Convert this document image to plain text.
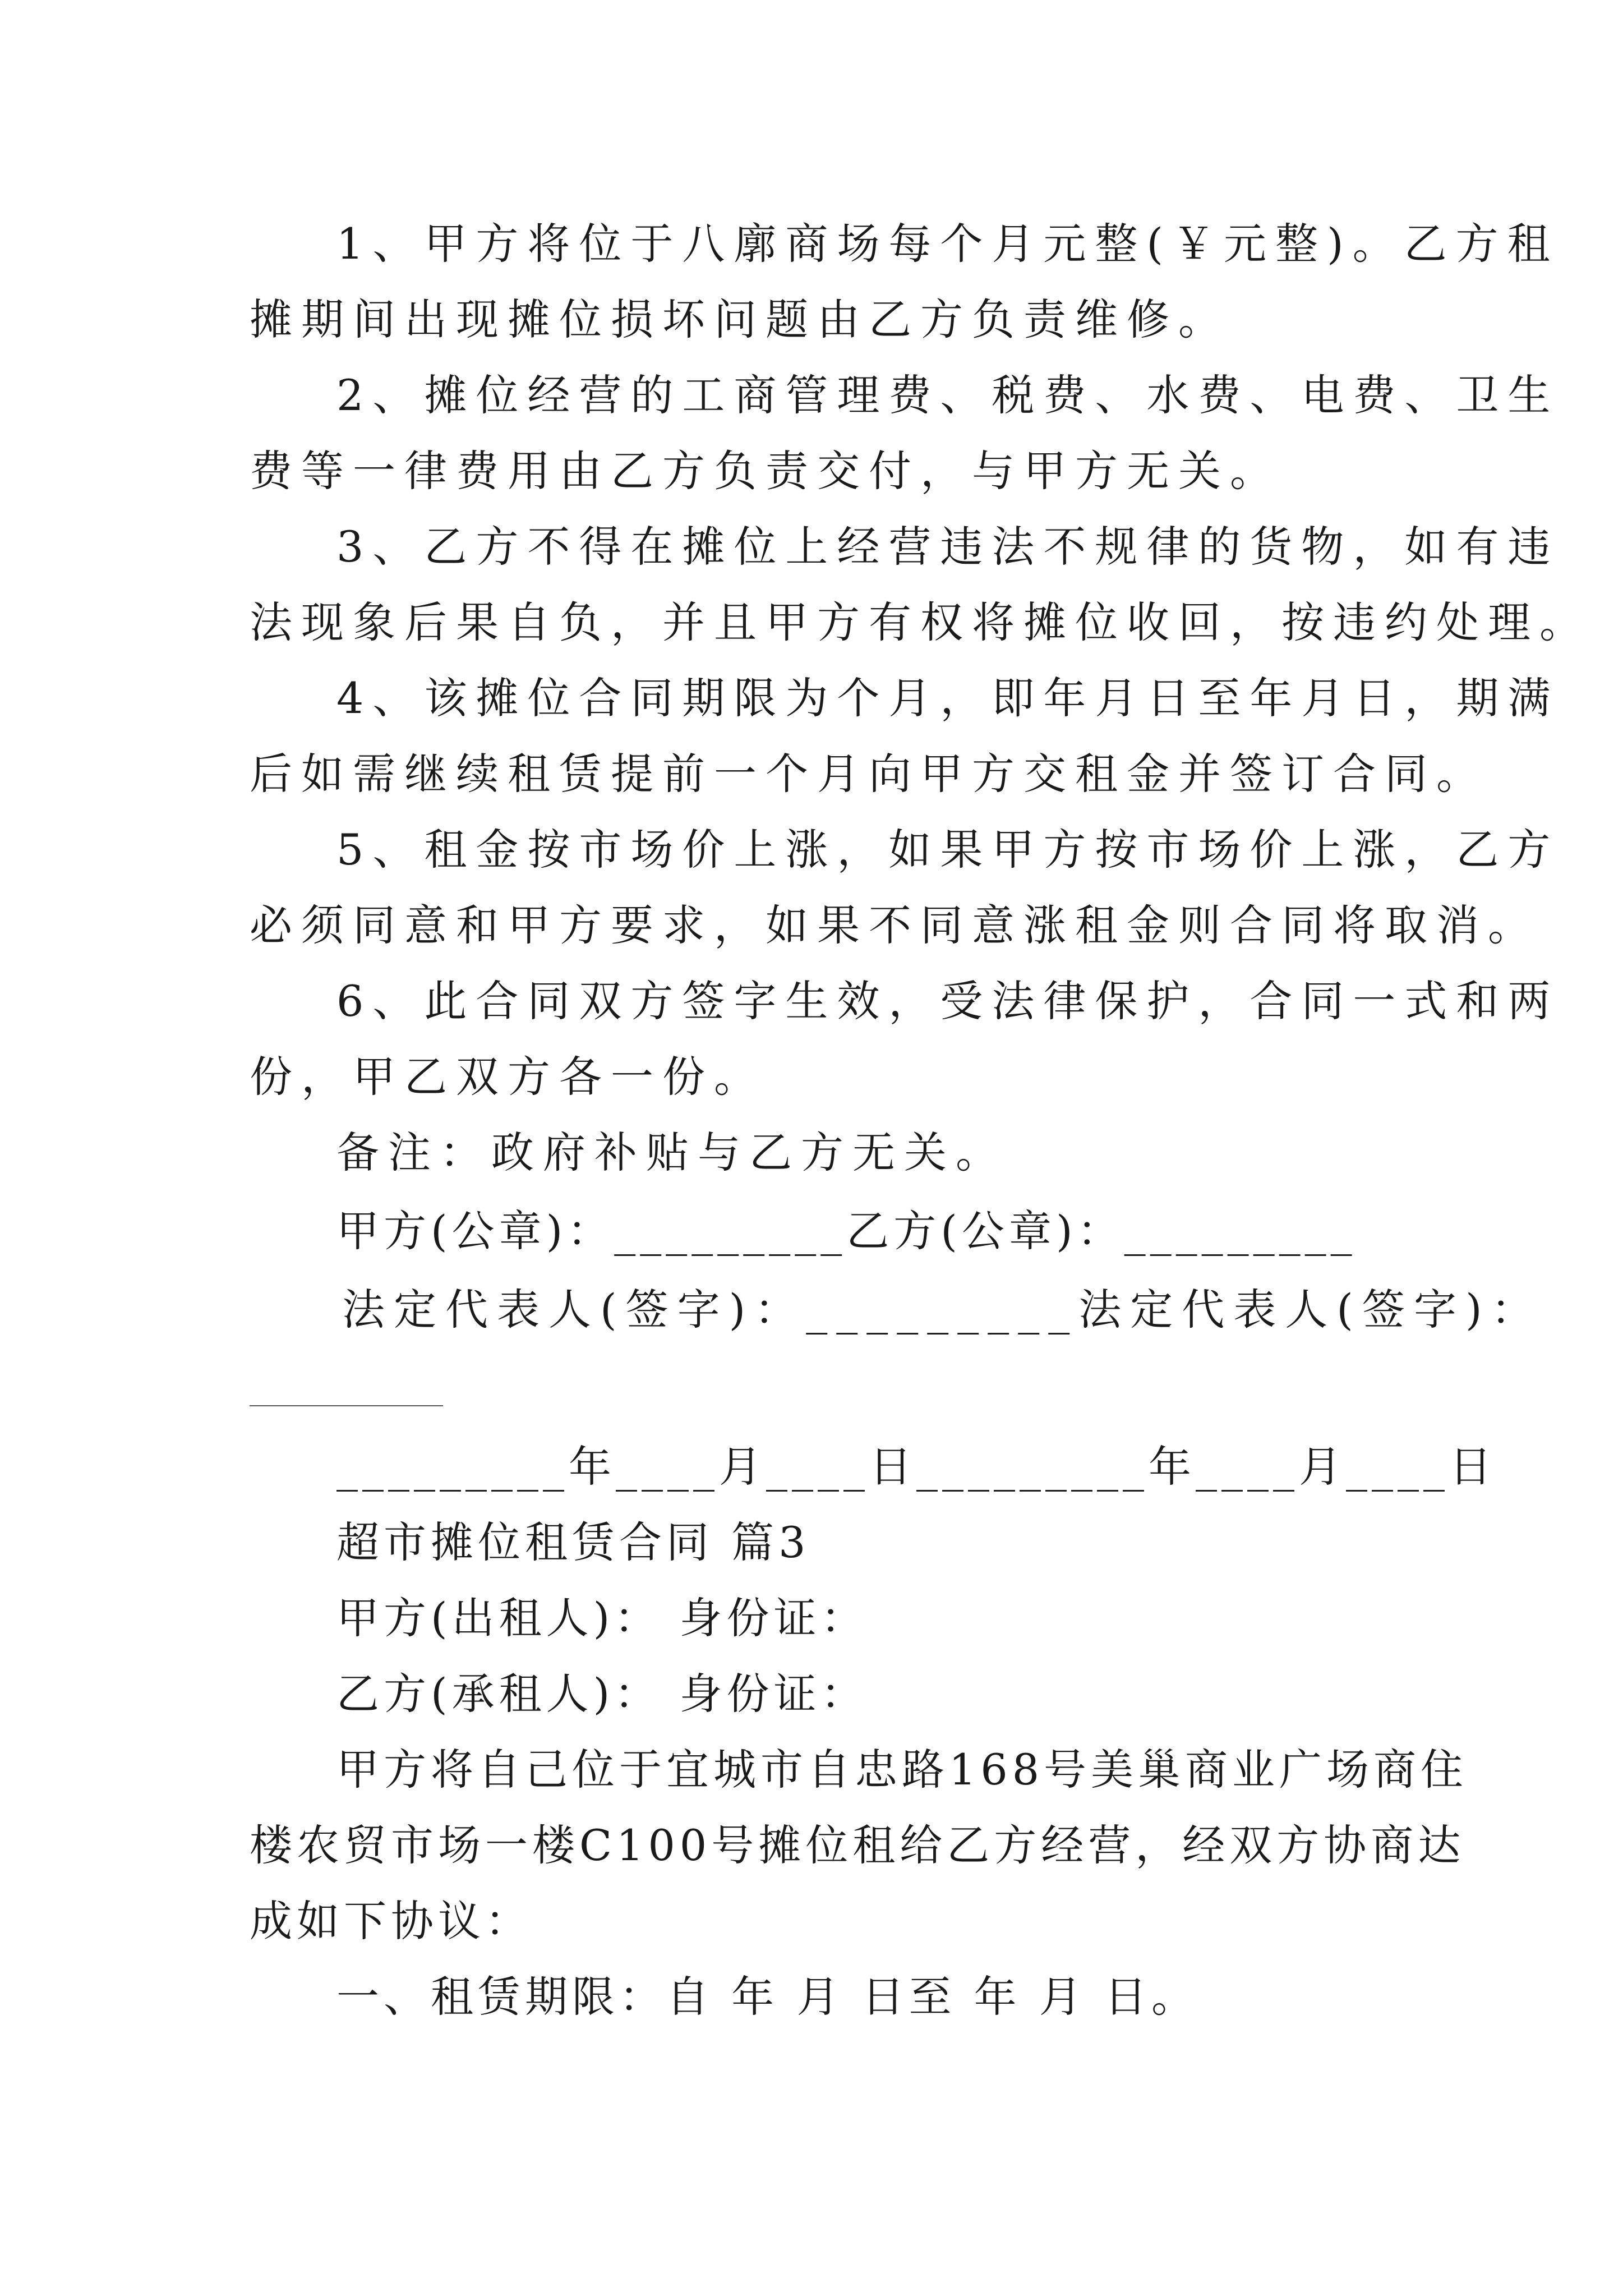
1、甲方将位于八廓商场每个月元整(￥元整)。乙方租
摊期间出现摊位损坏问题由乙方负责维修。
2、摊位经营的工商管理费、税费、水费、电费、卫生
费等一律费用由乙方负责交付，与甲方无关。
3、乙方不得在摊位上经营违法不规律的货物，如有违
法现象后果自负，并且甲方有权将摊位收回，按违约处理。
4、该摊位合同期限为个月，即年月日至年月日，期满
后如需继续租赁提前一个月向甲方交租金并签订合同。
5、租金按市场价上涨，如果甲方按市场价上涨，乙方
必须同意和甲方要求，如果不同意涨租金则合同将取消。
6、此合同双方签字生效，受法律保护，合同一式和两
份，甲乙双方各一份。
备注：政府补贴与乙方无关。
甲方(公章)：_________乙方(公章)：_________
法定代表人(签字)：_________法定代表人(签字)：
_________年____月____日_________年____月____日
超市摊位租赁合同 篇3
甲方(出租人)： 身份证：
乙方(承租人)： 身份证：
甲方将自己位于宜城市自忠路168号美巢商业广场商住
楼农贸市场一楼C100号摊位租给乙方经营，经双方协商达
成如下协议：
一、租赁期限：自 年 月 日至 年 月 日。
